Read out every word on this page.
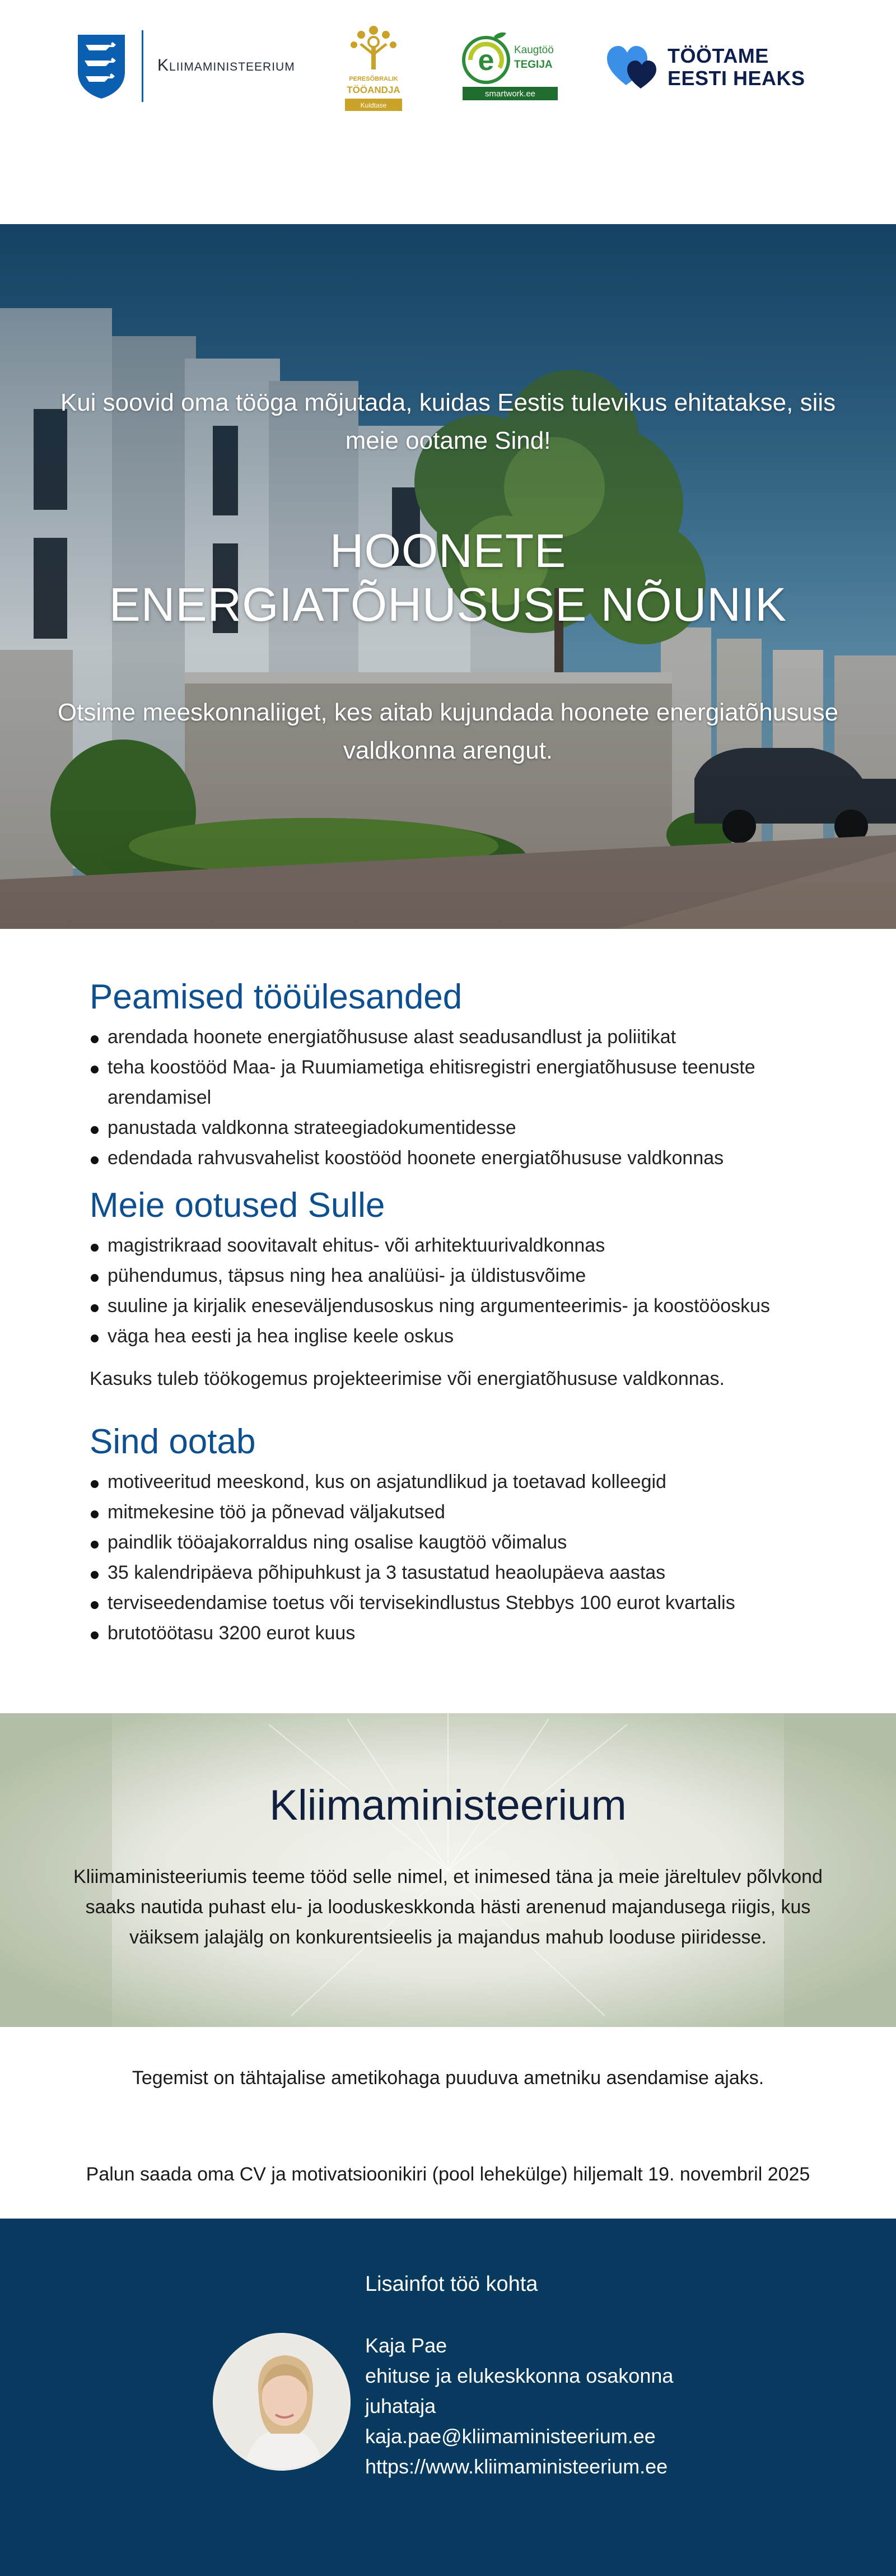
Kliimaministeerium
PERESÕBRALIK
TÖÖANDJA
Kuldtase
e Kaugtöö
TEGIJA
smartwork.ee
TÖÖTAME
EESTI HEAKS
Kui soovid oma tööga mõjutada, kuidas Eestis tulevikus ehitatakse, siis meie ootame Sind!
HOONETE ENERGIATÕHUSUSE NÕUNIK
Otsime meeskonnaliiget, kes aitab kujundada hoonete energiatõhususe valdkonna arengut.
Peamised tööülesanded
arendada hoonete energiatõhususe alast seadusandlust ja poliitikat
teha koostööd Maa- ja Ruumiametiga ehitisregistri energiatõhususe teenuste arendamisel
panustada valdkonna strateegiadokumentidesse
edendada rahvusvahelist koostööd hoonete energiatõhususe valdkonnas
Meie ootused Sulle
magistrikraad soovitavalt ehitus- või arhitektuurivaldkonnas
pühendumus, täpsus ning hea analüüsi- ja üldistusvõime
suuline ja kirjalik eneseväljendusoskus ning argumenteerimis- ja koostööoskus
väga hea eesti ja hea inglise keele oskus

Kasuks tuleb töökogemus projekteerimise või energiatõhususe valdkonnas.

Sind ootab
motiveeritud meeskond, kus on asjatundlikud ja toetavad kolleegid
mitmekesine töö ja põnevad väljakutsed
paindlik tööajakorraldus ning osalise kaugtöö võimalus
35 kalendripäeva põhipuhkust ja 3 tasustatud heaolupäeva aastas
terviseedendamise toetus või tervisekindlustus Stebbys 100 eurot kvartalis
brutotöötasu 3200 eurot kuus
Kliimaministeerium

Kliimaministeeriumis teeme tööd selle nimel, et inimesed täna ja meie järeltulev põlvkond saaks nautida puhast elu- ja looduskeskkonda hästi arenenud majandusega riigis, kus väiksem jalajälg on konkurentsieelis ja majandus mahub looduse piiridesse.

Tegemist on tähtajalise ametikohaga puuduva ametniku asendamise ajaks.

Palun saada oma CV ja motivatsioonikiri (pool lehekülge) hiljemalt 19. novembril 2025

Lisainfot töö kohta
Kaja Pae
ehituse ja elukeskkonna osakonna
juhataja
kaja.pae@kliimaministeerium.ee
https://www.kliimaministeerium.ee
